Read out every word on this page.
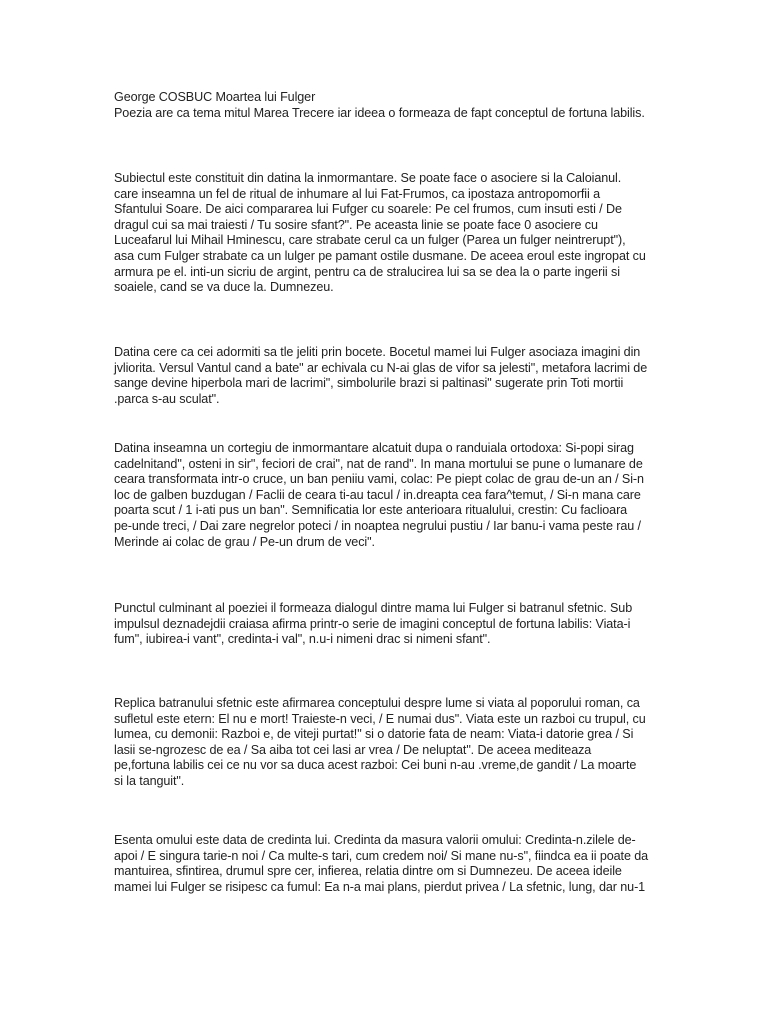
George COSBUC Moartea lui Fulger
Poezia are ca tema mitul Marea Trecere iar ideea o formeaza de fapt conceptul de fortuna labilis.
Subiectul este constituit din datina la inmormantare. Se poate face o asociere si la Caloianul.
care inseamna un fel de ritual de inhumare al lui Fat-Frumos, ca ipostaza antropomorfii a
Sfantului Soare. De aici compararea lui Fufger cu soarele: Pe cel frumos, cum insuti esti / De
dragul cui sa mai traiesti / Tu sosire sfant?". Pe aceasta linie se poate face 0 asociere cu
Luceafarul lui Mihail Hminescu, care strabate cerul ca un fulger (Parea un fulger neintrerupt"),
asa cum Fulger strabate ca un lulger pe pamant ostile dusmane. De aceea eroul este ingropat cu
armura pe el. inti-un sicriu de argint, pentru ca de stralucirea lui sa se dea la o parte ingerii si
soaiele, cand se va duce la. Dumnezeu.
Datina cere ca cei adormiti sa tle jeliti prin bocete. Bocetul mamei lui Fulger asociaza imagini din
jvliorita. Versul Vantul cand a bate" ar echivala cu N-ai glas de vifor sa jelesti", metafora lacrimi de
sange devine hiperbola mari de lacrimi", simbolurile brazi si paltinasi" sugerate prin Toti mortii
.parca s-au sculat".
Datina inseamna un cortegiu de inmormantare alcatuit dupa o randuiala ortodoxa: Si-popi sirag
cadelnitand", osteni in sir", feciori de crai", nat de rand". In mana mortului se pune o lumanare de
ceara transformata intr-o cruce, un ban peniiu vami, colac: Pe piept colac de grau de-un an / Si-n
loc de galben buzdugan / Faclii de ceara ti-au tacul / in.dreapta cea fara^temut, / Si-n mana care
poarta scut / 1 i-ati pus un ban". Semnificatia lor este anterioara ritualului, crestin: Cu faclioara
pe-unde treci, / Dai zare negrelor poteci / in noaptea negrului pustiu / Iar banu-i vama peste rau /
Merinde ai colac de grau / Pe-un drum de veci".
Punctul culminant al poeziei il formeaza dialogul dintre mama lui Fulger si batranul sfetnic. Sub
impulsul deznadejdii craiasa afirma printr-o serie de imagini conceptul de fortuna labilis: Viata-i
fum", iubirea-i vant", credinta-i val", n.u-i nimeni drac si nimeni sfant".
Replica batranului sfetnic este afirmarea conceptului despre lume si viata al poporului roman, ca
sufletul este etern: El nu e mort! Traieste-n veci, / E numai dus". Viata este un razboi cu trupul, cu
lumea, cu demonii: Razboi e, de viteji purtat!" si o datorie fata de neam: Viata-i datorie grea / Si
lasii se-ngrozesc de ea / Sa aiba tot cei lasi ar vrea / De neluptat". De aceea mediteaza
pe,fortuna labilis cei ce nu vor sa duca acest razboi: Cei buni n-au .vreme,de gandit / La moarte
si la tanguit".
Esenta omului este data de credinta lui. Credinta da masura valorii omului: Credinta-n.zilele de-
apoi / E singura tarie-n noi / Ca multe-s tari, cum credem noi/ Si mane nu-s", fiindca ea ii poate da
mantuirea, sfintirea, drumul spre cer, infierea, relatia dintre om si Dumnezeu. De aceea ideile
mamei lui Fulger se risipesc ca fumul: Ea n-a mai plans, pierdut privea / La sfetnic, lung, dar nu-1
